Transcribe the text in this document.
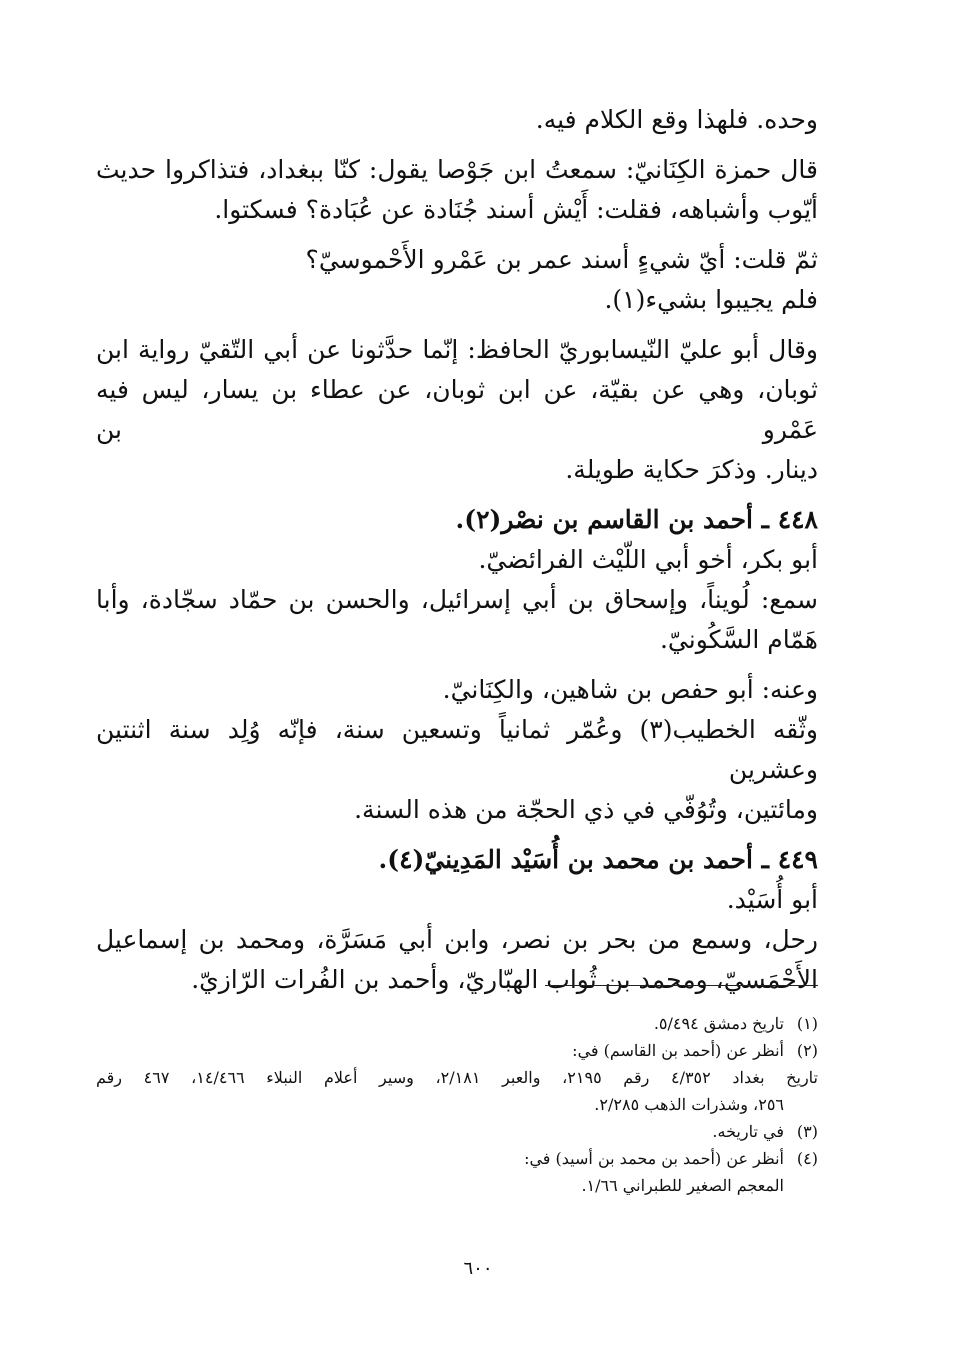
وحده. فلهذا وقع الكلام فيه.
قال حمزة الكِنَانيّ: سمعتُ ابن جَوْصا يقول: كنّا ببغداد، فتذاكروا حديث
أيّوب وأشباهه، فقلت: أَيْش أسند جُنَادة عن عُبَادة؟ فسكتوا.
ثمّ قلت: أيّ شيءٍ أسند عمر بن عَمْرو الأَحْموسيّ؟
فلم يجيبوا بشيء(١).
وقال أبو عليّ النّيسابوريّ الحافظ: إنّما حدَّثونا عن أبي التّقيّ رواية ابن
ثوبان، وهي عن بقيّة، عن ابن ثوبان، عن عطاء بن يسار، ليس فيه عَمْرو بن
دينار. وذكرَ حكاية طويلة.
٤٤٨ ـ أحمد بن القاسم بن نصْر(٢).
أبو بكر، أخو أبي اللّيْث الفرائضيّ.
سمع: لُويناً، وإسحاق بن أبي إسرائيل، والحسن بن حمّاد سجّادة، وأبا
هَمّام السَّكُونيّ.
وعنه: أبو حفص بن شاهين، والكِنَانيّ.
وثّقه الخطيب(٣) وعُمّر ثمانياً وتسعين سنة، فإنّه وُلِد سنة اثنتين وعشرين
ومائتين، وتُوُفّي في ذي الحجّة من هذه السنة.
٤٤٩ ـ أحمد بن محمد بن أُسَيْد المَدِينيّ(٤).
أبو أُسَيْد.
رحل، وسمع من بحر بن نصر، وابن أبي مَسَرَّة، ومحمد بن إسماعيل
الأَحْمَسيّ، ومحمد بن ثُواب الهبّاريّ، وأحمد بن الفُرات الرّازيّ.
(١)تاريخ دمشق ٥/٤٩٤.
(٢)أنظر عن (أحمد بن القاسم) في:
تاريخ بغداد ٤/٣٥٢ رقم ٢١٩٥، والعبر ٢/١٨١، وسير أعلام النبلاء ١٤/٤٦٦، ٤٦٧ رقم
٢٥٦، وشذرات الذهب ٢/٢٨٥.
(٣)في تاريخه.
(٤)أنظر عن (أحمد بن محمد بن أسيد) في:
المعجم الصغير للطبراني ١/٦٦.
٦٠٠
